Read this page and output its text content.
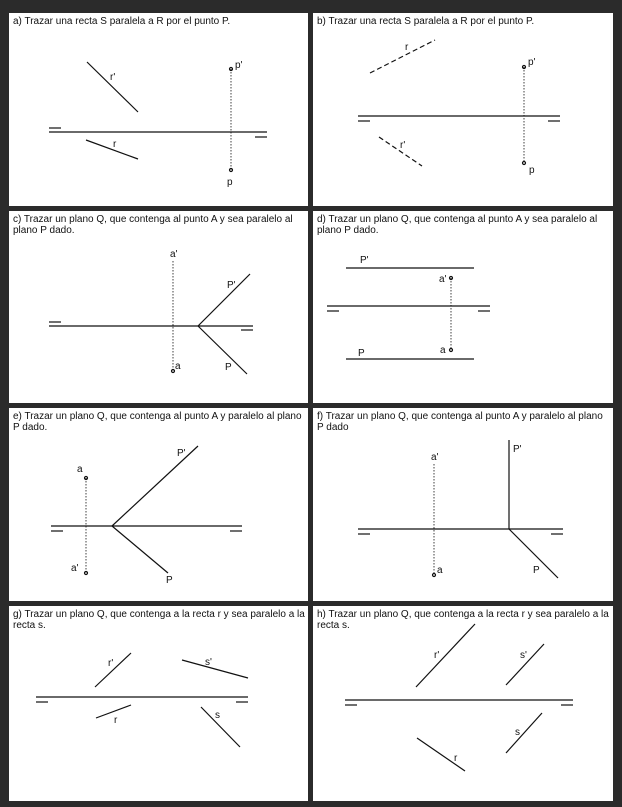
a) Trazar una recta S paralela a R por el punto P.
r'
r
p'
p
b) Trazar una recta S paralela a R por el punto P.
r
r'
p'
p
c) Trazar un plano Q, que contenga al punto A y sea paralelo al plano P dado.
a'
a
P'
P
d) Trazar un plano Q, que contenga al punto A y sea paralelo al plano P dado.
P'
a'
P	a
e) Trazar un plano Q, que contenga al punto A y paralelo al plano P dado.
a
a'
P'
P
f) Trazar un plano Q, que contenga al punto A y paralelo al plano P dado
a'
a
P'
P
g) Trazar un plano Q, que contenga a la recta r y sea paralelo a la recta s.
r'	s'
r	s
h) Trazar un plano Q, que contenga a la recta r y sea paralelo a la recta s.
r'	s'
s
r
